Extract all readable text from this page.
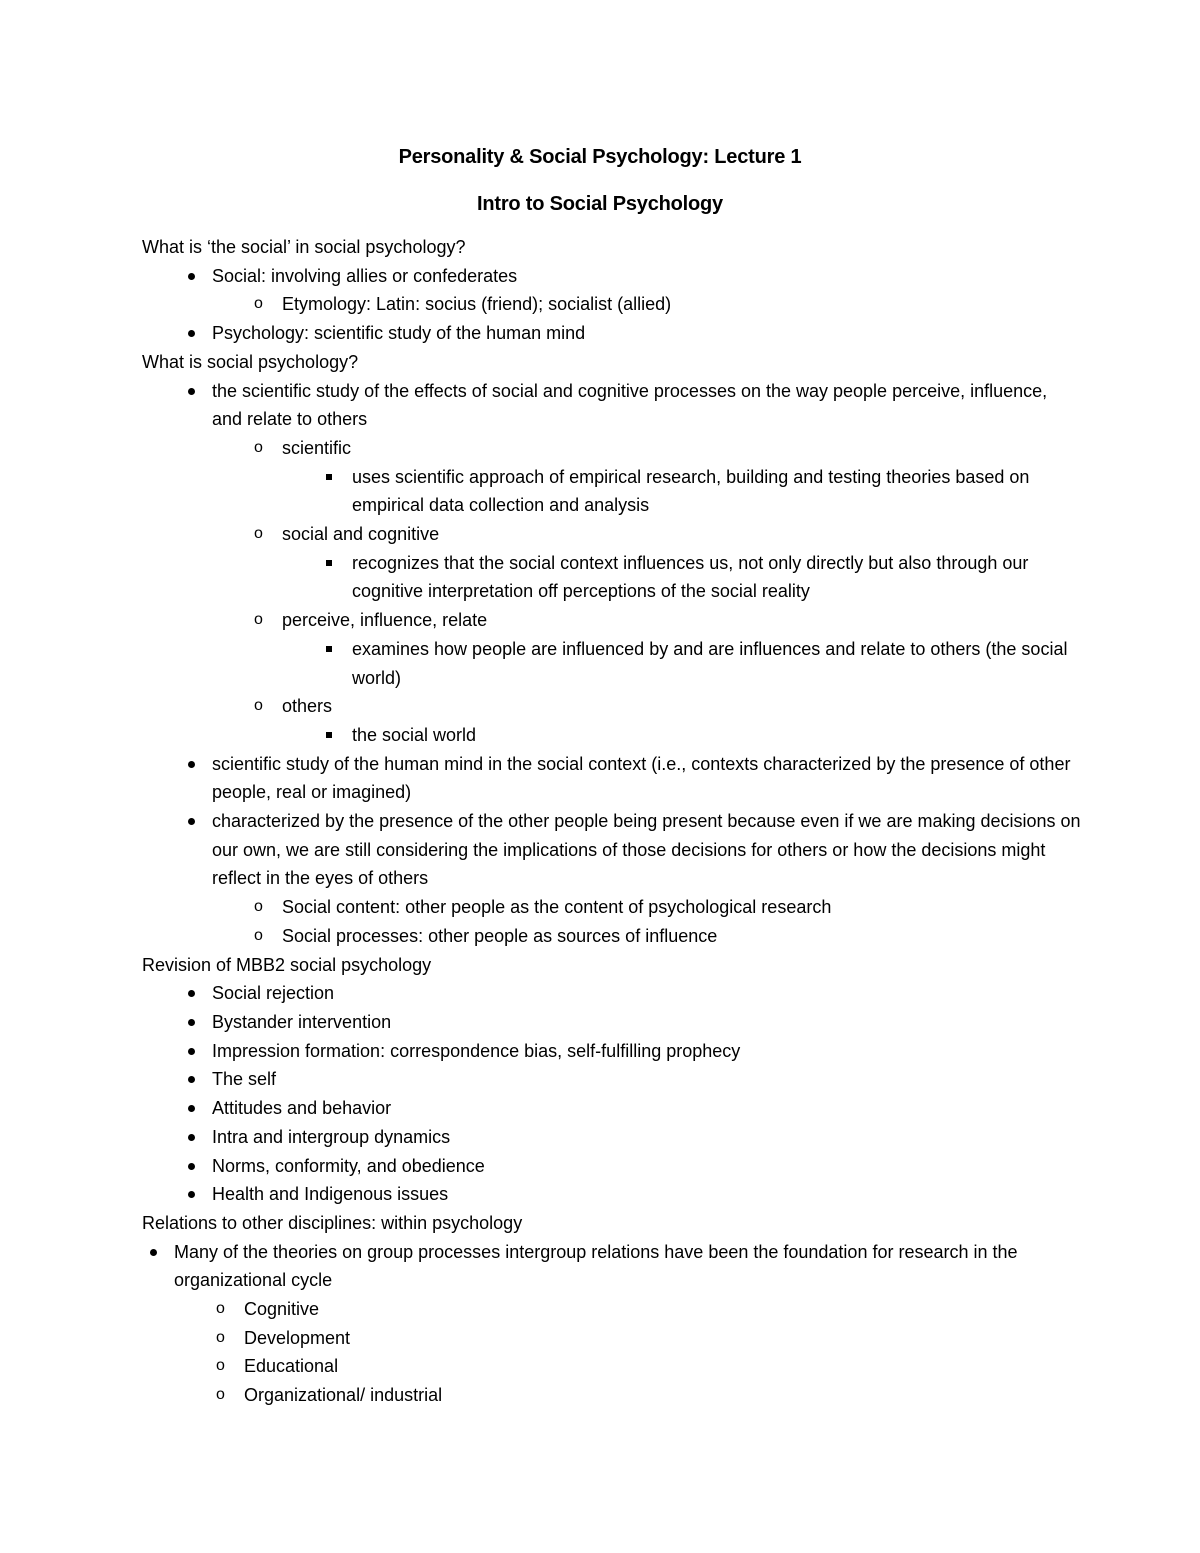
Personality & Social Psychology: Lecture 1
Intro to Social Psychology
What is ‘the social’ in social psychology?
Social: involving allies or confederates
o
Etymology: Latin: socius (friend); socialist (allied)
Psychology: scientific study of the human mind
What is social psychology?
the scientific study of the effects of social and cognitive processes on the way people perceive, influence, and relate to others
o
scientific
uses scientific approach of empirical research, building and testing theories based on empirical data collection and analysis
o
social and cognitive
recognizes that the social context influences us, not only directly but also through our cognitive interpretation off perceptions of the social reality
o
perceive, influence, relate
examines how people are influenced by and are influences and relate to others (the social world)
o
others
the social world
scientific study of the human mind in the social context (i.e., contexts characterized by the presence of other people, real or imagined)
characterized by the presence of the other people being present because even if we are making decisions on our own, we are still considering the implications of those decisions for others or how the decisions might reflect in the eyes of others
o
Social content: other people as the content of psychological research
o
Social processes: other people as sources of influence
Revision of MBB2 social psychology
Social rejection
Bystander intervention
Impression formation: correspondence bias, self-fulfilling prophecy
The self
Attitudes and behavior
Intra and intergroup dynamics
Norms, conformity, and obedience
Health and Indigenous issues
Relations to other disciplines: within psychology
Many of the theories on group processes intergroup relations have been the foundation for research in the organizational cycle
o
Cognitive
o
Development
o
Educational
o
Organizational/ industrial
